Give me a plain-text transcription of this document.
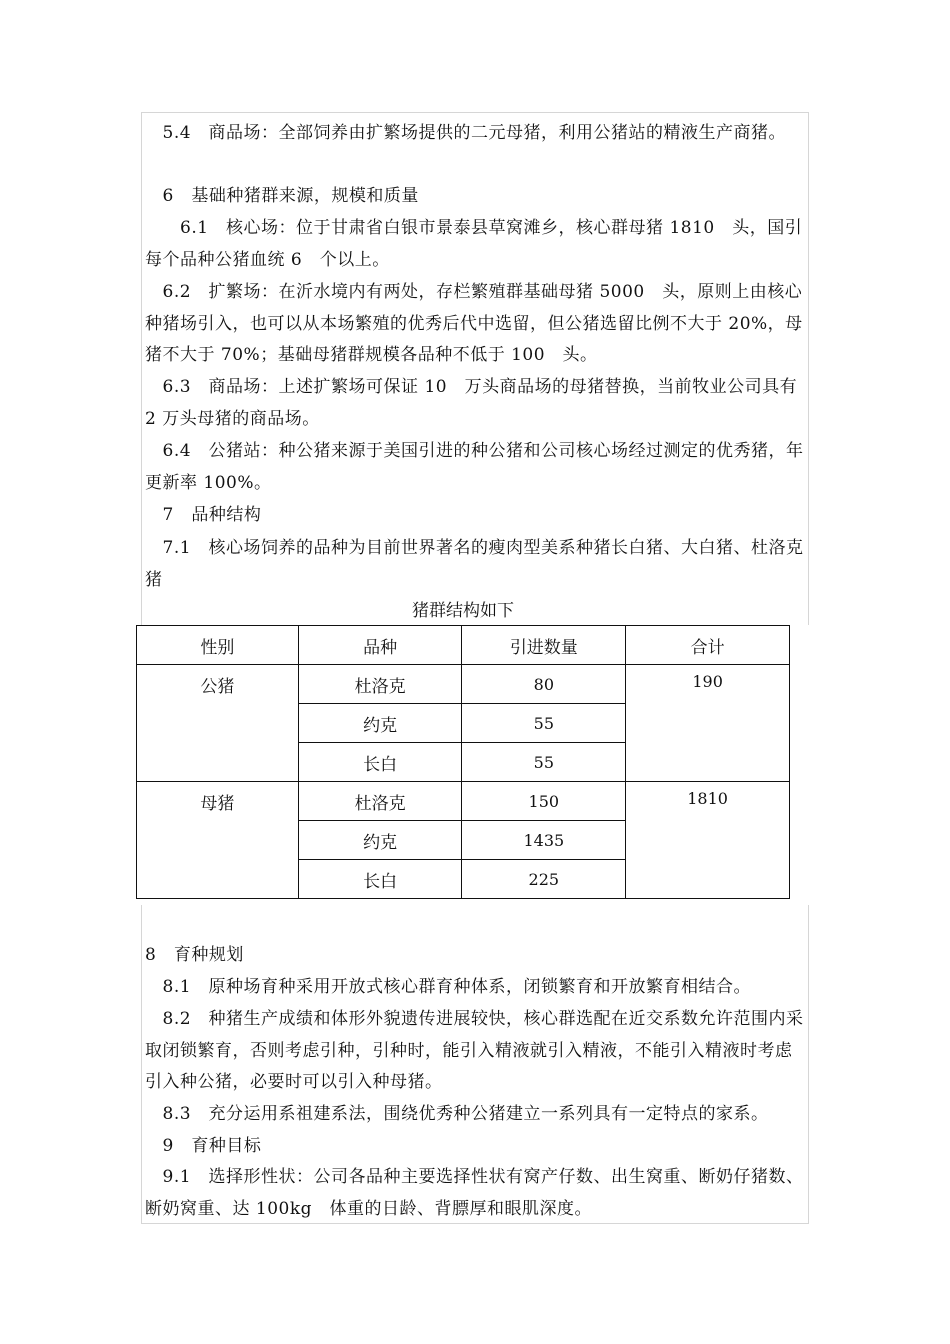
　5.4　商品场：全部饲养由扩繁场提供的二元母猪，利用公猪站的精液生产商猪。

　6　基础种猪群来源，规模和质量

　　6.1　核心场：位于甘肃省白银市景泰县草窝滩乡，核心群母猪 1810　头，国引每个品种公猪血统 6　个以上。

　6.2　扩繁场：在沂水境内有两处，存栏繁殖群基础母猪 5000　头，原则上由核心种猪场引入，也可以从本场繁殖的优秀后代中选留，但公猪选留比例不大于 20%，母猪不大于 70%；基础母猪群规模各品种不低于 100　头。

　6.3　商品场：上述扩繁场可保证 10　万头商品场的母猪替换，当前牧业公司具有 2 万头母猪的商品场。

　6.4　公猪站：种公猪来源于美国引进的种公猪和公司核心场经过测定的优秀猪，年更新率 100%。

　7　品种结构

　7.1　核心场饲养的品种为目前世界著名的瘦肉型美系种猪长白猪、大白猪、杜洛克猪

猪群结构如下
性别	品种	引进数量	合计
公猪	杜洛克	80	190
	约克	55	
	长白	55	
母猪	杜洛克	150	1810
	约克	1435	
	长白	225	

8　育种规划

　8.1　原种场育种采用开放式核心群育种体系，闭锁繁育和开放繁育相结合。

　8.2　种猪生产成绩和体形外貌遗传进展较快，核心群选配在近交系数允许范围内采取闭锁繁育，否则考虑引种，引种时，能引入精液就引入精液，不能引入精液时考虑引入种公猪，必要时可以引入种母猪。

　8.3　充分运用系祖建系法，围绕优秀种公猪建立一系列具有一定特点的家系。

　9　育种目标

　9.1　选择形性状：公司各品种主要选择性状有窝产仔数、出生窝重、断奶仔猪数、断奶窝重、达 100kg　体重的日龄、背膘厚和眼肌深度。
